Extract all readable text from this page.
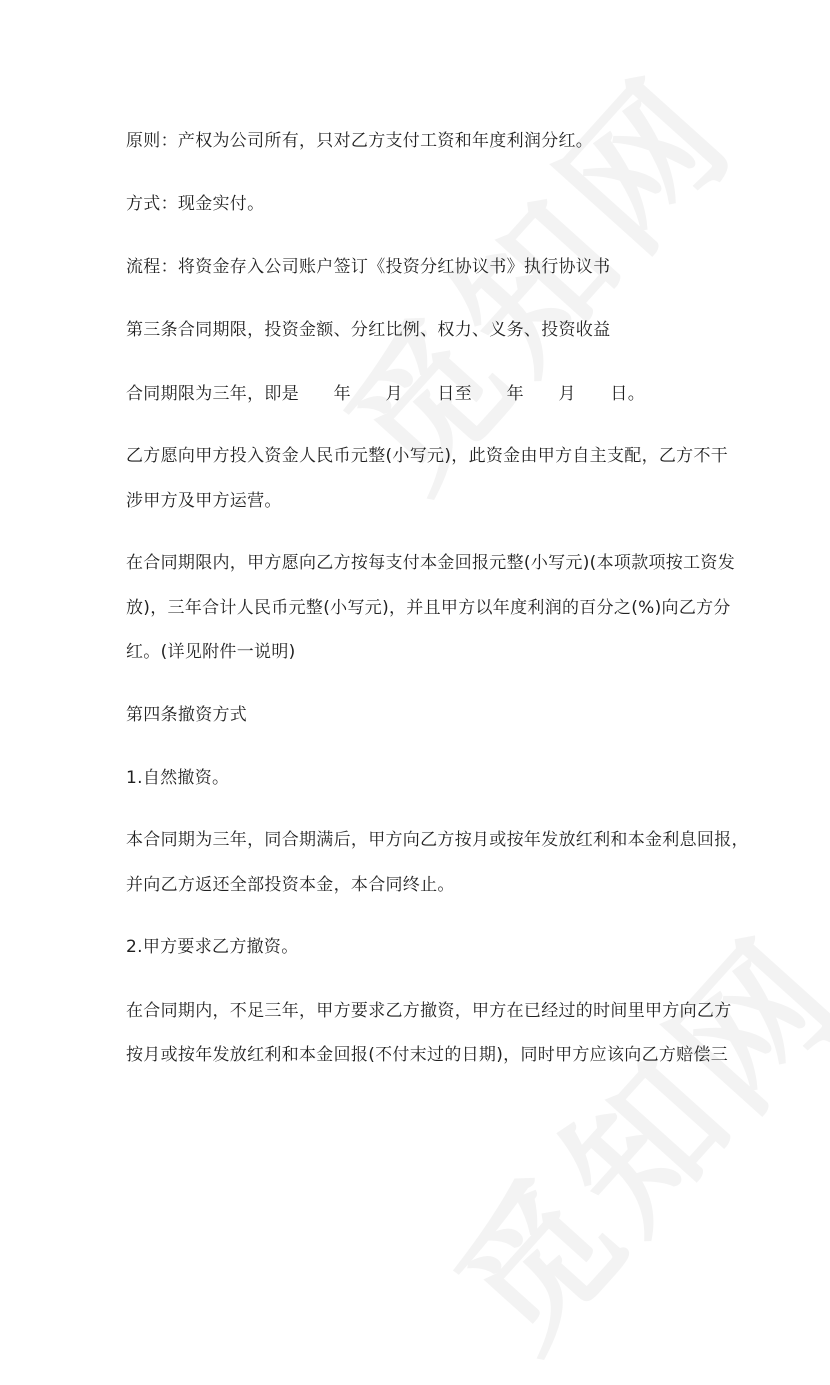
原则：产权为公司所有，只对乙方支付工资和年度利润分红。

方式：现金实付。

流程：将资金存入公司账户签订《投资分红协议书》执行协议书

第三条合同期限，投资金额、分红比例、权力、义务、投资收益

合同期限为三年，即是　　年　　月　　日至　　年　　月　　日。

乙方愿向甲方投入资金人民币元整(小写元)，此资金由甲方自主支配，乙方不干

涉甲方及甲方运营。

在合同期限内，甲方愿向乙方按每支付本金回报元整(小写元)(本项款项按工资发

放)，三年合计人民币元整(小写元)，并且甲方以年度利润的百分之(%)向乙方分

红。(详见附件一说明)

第四条撤资方式

1.自然撤资。

本合同期为三年，同合期满后，甲方向乙方按月或按年发放红利和本金利息回报，

并向乙方返还全部投资本金，本合同终止。

2.甲方要求乙方撤资。

在合同期内，不足三年，甲方要求乙方撤资，甲方在已经过的时间里甲方向乙方

按月或按年发放红利和本金回报(不付末过的日期)，同时甲方应该向乙方赔偿三
